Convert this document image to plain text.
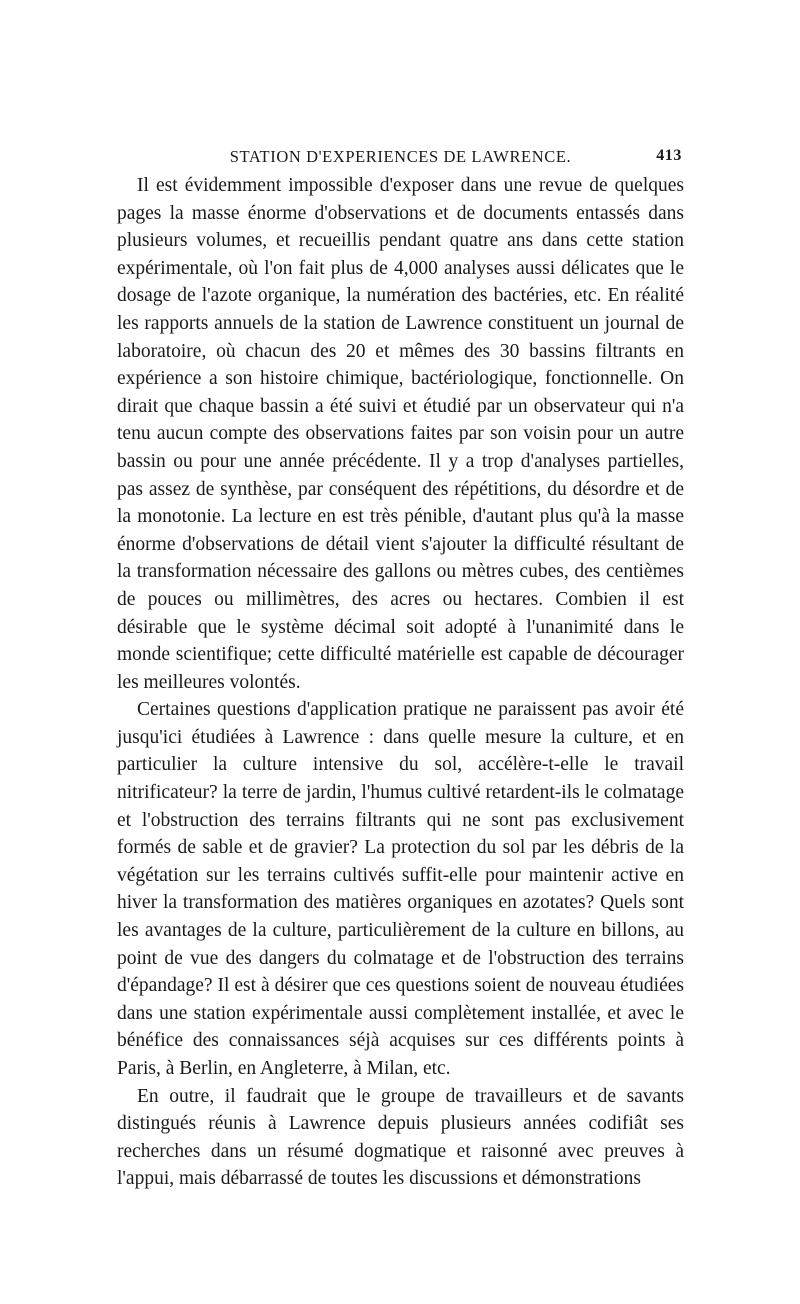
STATION D'EXPERIENCES DE LAWRENCE.	413

Il est évidemment impossible d'exposer dans une revue de quelques pages la masse énorme d'observations et de documents entassés dans plusieurs volumes, et recueillis pendant quatre ans dans cette station expérimentale, où l'on fait plus de 4,000 analyses aussi délicates que le dosage de l'azote organique, la numération des bactéries, etc. En réalité les rapports annuels de la station de Lawrence constituent un journal de laboratoire, où chacun des 20 et mêmes des 30 bassins filtrants en expérience a son histoire chimique, bactériologique, fonctionnelle. On dirait que chaque bassin a été suivi et étudié par un observateur qui n'a tenu aucun compte des observations faites par son voisin pour un autre bassin ou pour une année précédente. Il y a trop d'analyses partielles, pas assez de synthèse, par conséquent des répétitions, du désordre et de la monotonie. La lecture en est très pénible, d'autant plus qu'à la masse énorme d'observations de détail vient s'ajouter la difficulté résultant de la transformation nécessaire des gallons ou mètres cubes, des centièmes de pouces ou millimètres, des acres ou hectares. Combien il est désirable que le système décimal soit adopté à l'unanimité dans le monde scientifique; cette difficulté matérielle est capable de décourager les meilleures volontés.

Certaines questions d'application pratique ne paraissent pas avoir été jusqu'ici étudiées à Lawrence : dans quelle mesure la culture, et en particulier la culture intensive du sol, accélère-t-elle le travail nitrificateur? la terre de jardin, l'humus cultivé retardent-ils le colmatage et l'obstruction des terrains filtrants qui ne sont pas exclusivement formés de sable et de gravier? La protection du sol par les débris de la végétation sur les terrains cultivés suffit-elle pour maintenir active en hiver la transformation des matières organiques en azotates? Quels sont les avantages de la culture, particulièrement de la culture en billons, au point de vue des dangers du colmatage et de l'obstruction des terrains d'épandage? Il est à désirer que ces questions soient de nouveau étudiées dans une station expérimentale aussi complètement installée, et avec le bénéfice des connaissances séjà acquises sur ces différents points à Paris, à Berlin, en Angleterre, à Milan, etc.

En outre, il faudrait que le groupe de travailleurs et de savants distingués réunis à Lawrence depuis plusieurs années codifiât ses recherches dans un résumé dogmatique et raisonné avec preuves à l'appui, mais débarrassé de toutes les discussions et démonstrations
